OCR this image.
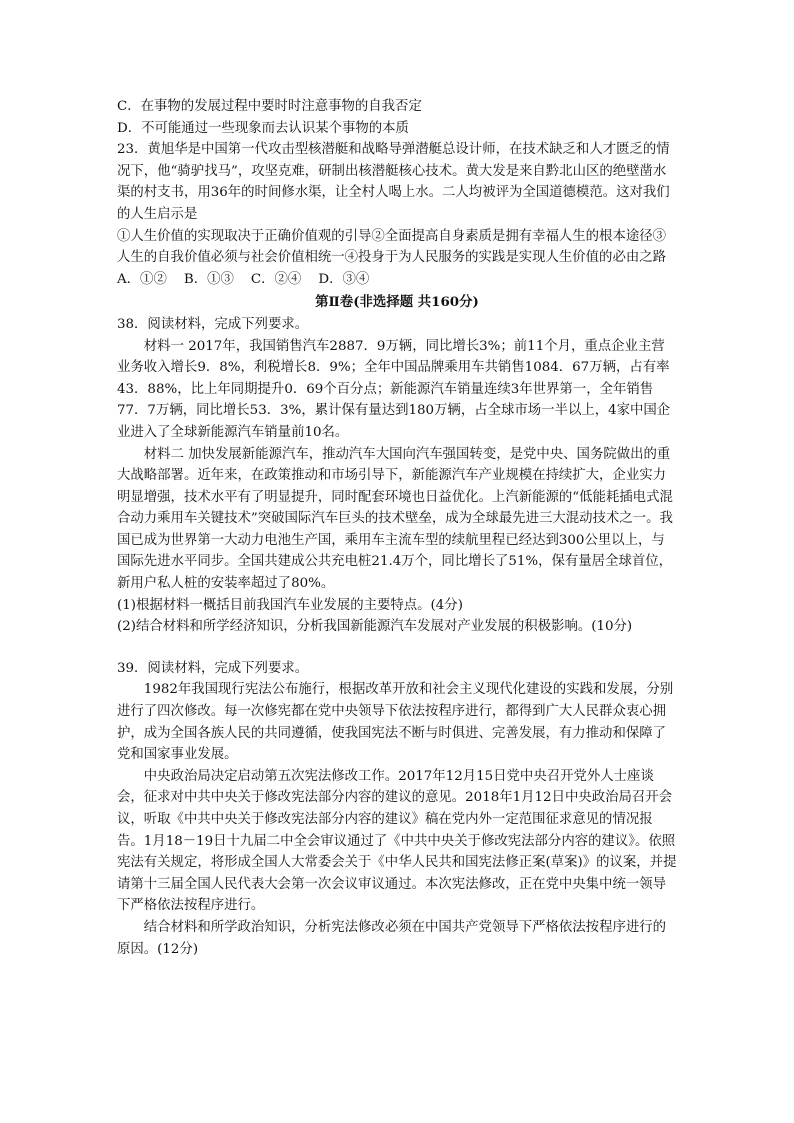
C．在事物的发展过程中要时时注意事物的自我否定

D．不可能通过一些现象而去认识某个事物的本质

23．黄旭华是中国第一代攻击型核潜艇和战略导弹潜艇总设计师，在技术缺乏和人才匮乏的情况下，他“骑驴找马”，攻坚克难，研制出核潜艇核心技术。黄大发是来自黔北山区的绝壁凿水渠的村支书，用36年的时间修水渠，让全村人喝上水。二人均被评为全国道德模范。这对我们的人生启示是

①人生价值的实现取决于正确价值观的引导②全面提高自身素质是拥有幸福人生的根本途径③人生的自我价值必须与社会价值相统一④投身于为人民服务的实践是实现人生价值的必由之路

A．①②    B．①③    C．②④    D．③④

第Ⅱ卷(非选择题 共160分)

38．阅读材料，完成下列要求。

材料一 2017年，我国销售汽车2887．9万辆，同比增长3%；前11个月，重点企业主营业务收入增长9．8%，利税增长8．9%；全年中国品牌乘用车共销售1084．67万辆，占有率43．88%，比上年同期提升0．69个百分点；新能源汽车销量连续3年世界第一，全年销售77．7万辆，同比增长53．3%，累计保有量达到180万辆，占全球市场一半以上，4家中国企业进入了全球新能源汽车销量前10名。

材料二 加快发展新能源汽车，推动汽车大国向汽车强国转变，是党中央、国务院做出的重大战略部署。近年来，在政策推动和市场引导下，新能源汽车产业规模在持续扩大，企业实力明显增强，技术水平有了明显提升，同时配套环境也日益优化。上汽新能源的“低能耗插电式混合动力乘用车关键技术”突破国际汽车巨头的技术壁垒，成为全球最先进三大混动技术之一。我国已成为世界第一大动力电池生产国，乘用车主流车型的续航里程已经达到300公里以上，与国际先进水平同步。全国共建成公共充电桩21.4万个，同比增长了51%，保有量居全球首位，新用户私人桩的安装率超过了80%。

(1)根据材料一概括目前我国汽车业发展的主要特点。(4分)

(2)结合材料和所学经济知识，分析我国新能源汽车发展对产业发展的积极影响。(10分)

39．阅读材料，完成下列要求。

1982年我国现行宪法公布施行，根据改革开放和社会主义现代化建设的实践和发展，分别进行了四次修改。每一次修宪都在党中央领导下依法按程序进行，都得到广大人民群众衷心拥护，成为全国各族人民的共同遵循，使我国宪法不断与时俱进、完善发展，有力推动和保障了党和国家事业发展。

中央政治局决定启动第五次宪法修改工作。2017年12月15日党中央召开党外人士座谈会，征求对中共中央关于修改宪法部分内容的建议的意见。2018年1月12日中央政治局召开会议，听取《中共中央关于修改宪法部分内容的建议》稿在党内外一定范围征求意见的情况报告。1月18－19日十九届二中全会审议通过了《中共中央关于修改宪法部分内容的建议》。依照宪法有关规定，将形成全国人大常委会关于《中华人民共和国宪法修正案(草案)》的议案，并提请第十三届全国人民代表大会第一次会议审议通过。本次宪法修改，正在党中央集中统一领导下严格依法按程序进行。

结合材料和所学政治知识，分析宪法修改必须在中国共产党领导下严格依法按程序进行的原因。(12分)
